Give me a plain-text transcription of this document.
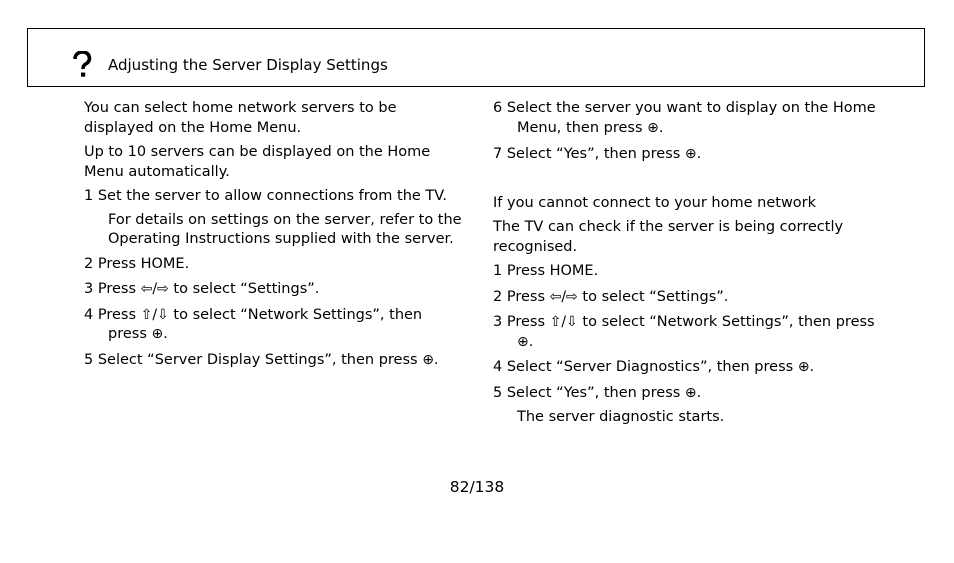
Adjusting the Server Display Settings

You can select home network servers to be displayed on the Home Menu.

Up to 10 servers can be displayed on the Home Menu automatically.

1 Set the server to allow connections from the TV.

For details on settings on the server, refer to the Operating Instructions supplied with the server.

2 Press HOME.

3 Press ⇦/⇨ to select “Settings”.

4 Press ⇧/⇩ to select “Network Settings”, then press ⊕.

5 Select “Server Display Settings”, then press ⊕.

6 Select the server you want to display on the Home Menu, then press ⊕.

7 Select “Yes”, then press ⊕.

If you cannot connect to your home network

The TV can check if the server is being correctly recognised.

1 Press HOME.

2 Press ⇦/⇨ to select “Settings”.

3 Press ⇧/⇩ to select “Network Settings”, then press ⊕.

4 Select “Server Diagnostics”, then press ⊕.

5 Select “Yes”, then press ⊕.

The server diagnostic starts.

82/138
